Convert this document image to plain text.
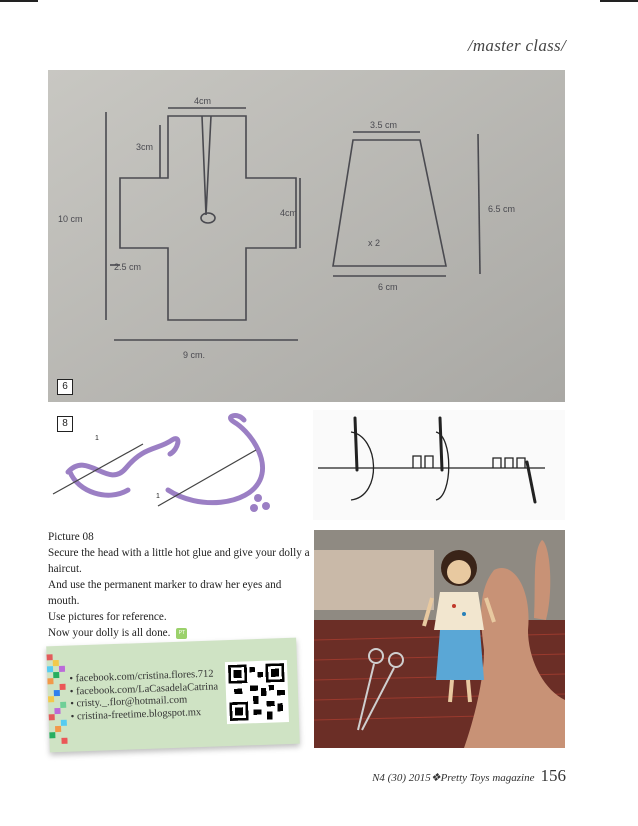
/master class/
4cm
3cm
10 cm
4cm
2.5 cm
9 cm.
3.5 cm
6.5 cm
6 cm
x 2
6
1
1
8

Picture 08

Secure the head with a little hot glue and give your dolly a haircut.

And use the permanent marker to draw her eyes and mouth.

Use pictures for reference.

Now your dolly is all done. PT

• facebook.com/cristina.flores.712
• facebook.com/LaCasadelaCatrina
• cristy._.flor@hotmail.com
• cristina-freetime.blogspot.mx
N4 (30) 2015❖Pretty Toys magazine 156
